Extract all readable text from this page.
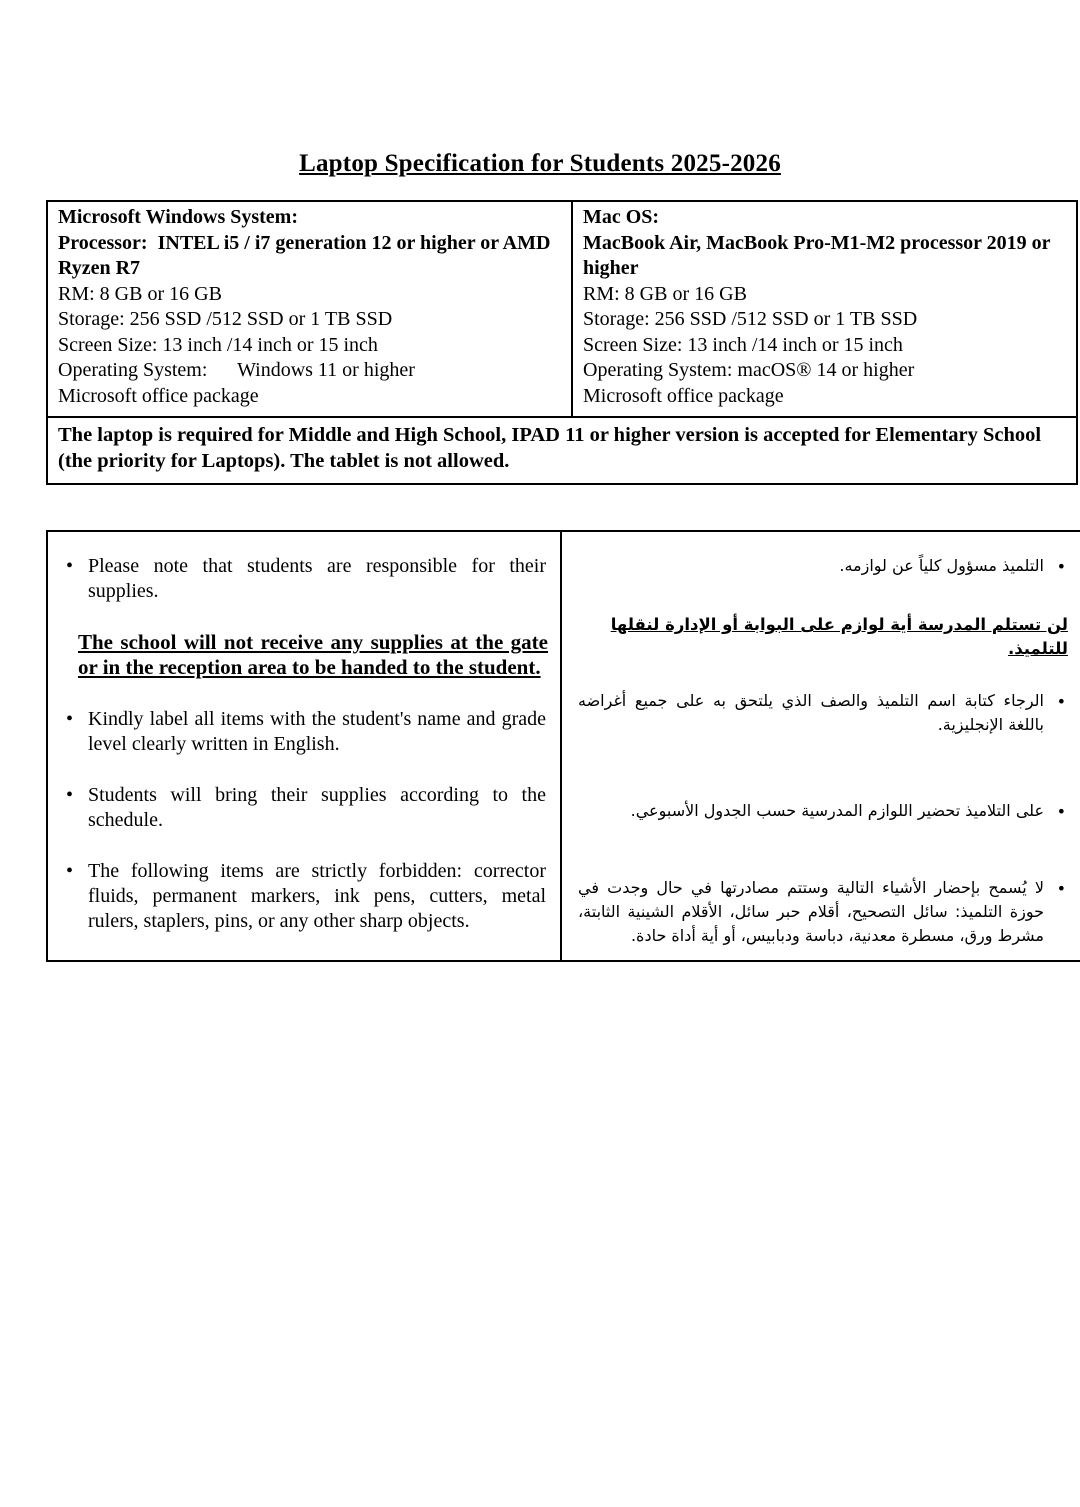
Laptop Specification for Students 2025-2026
Microsoft Windows System:
Processor:  INTEL i5 / i7 generation 12 or higher or AMD Ryzen R7
RM: 8 GB or 16 GB
Storage: 256 SSD /512 SSD or 1 TB SSD
Screen Size: 13 inch /14 inch or 15 inch
Operating System:      Windows 11 or higher
Microsoft office package

Mac OS:
MacBook Air, MacBook Pro-M1-M2 processor 2019 or higher
RM: 8 GB or 16 GB
Storage: 256 SSD /512 SSD or 1 TB SSD
Screen Size: 13 inch /14 inch or 15 inch
Operating System: macOS® 14 or higher
Microsoft office package

The laptop is required for Middle and High School, IPAD 11 or higher version is accepted for Elementary School (the priority for Laptops). The tablet is not allowed.
• Please note that students are responsible for their supplies.
The school will not receive any supplies at the gate or in the reception area to be handed to the student.
• Kindly label all items with the student's name and grade level clearly written in English.
• Students will bring their supplies according to the schedule.
• The following items are strictly forbidden: corrector fluids, permanent markers, ink pens, cutters, metal rulers, staplers, pins, or any other sharp objects.

•
التلميذ مسؤول كلياً عن لوازمه.
لن تستلم المدرسة أية لوازم على البوابة أو الإدارة لنقلها للتلميذ.
•
الرجاء كتابة اسم التلميذ والصف الذي يلتحق به على جميع أغراضه باللغة الإنجليزية.
•
على التلاميذ تحضير اللوازم المدرسية حسب الجدول الأسبوعي.
•
لا يُسمح بإحضار الأشياء التالية وستتم مصادرتها في حال وجدت في حوزة التلميذ: سائل التصحيح، أقلام حبر سائل، الأقلام الشينية الثابتة، مشرط ورق، مسطرة معدنية، دباسة ودبابيس، أو أية أداة حادة.
